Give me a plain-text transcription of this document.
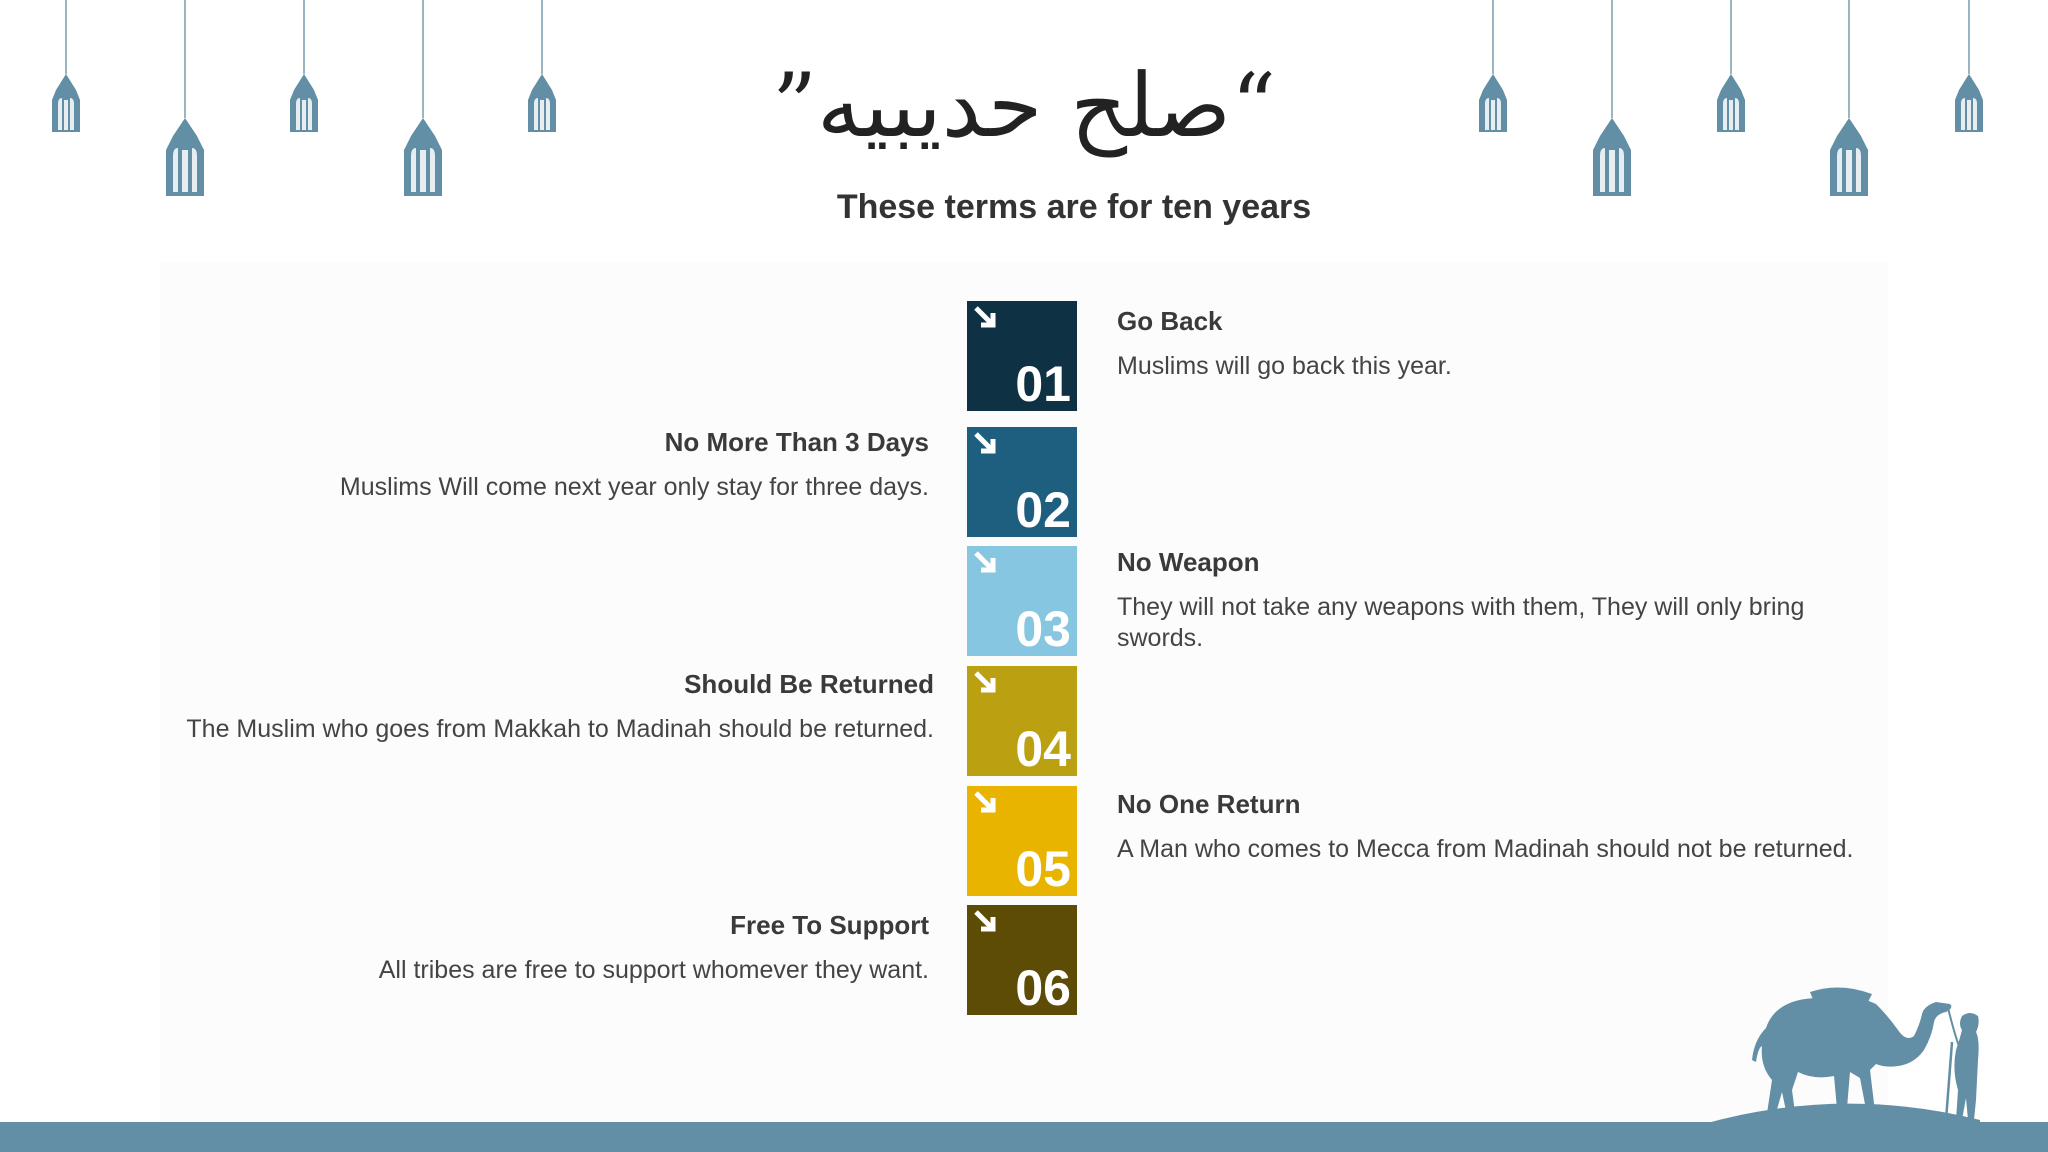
“صلح حديبيه”
These terms are for ten years
01
02
03
04
05
06
Go Back
Muslims will go back this year.
No Weapon
They will not take any weapons with them, They will only bring swords.
No One Return
A Man who comes to Mecca from Madinah should not be returned.
No More Than 3 Days
Muslims Will come next year only stay for three days.
Should Be Returned
The Muslim who goes from Makkah to Madinah should be returned.
Free To Support
All tribes are free to support whomever they want.
